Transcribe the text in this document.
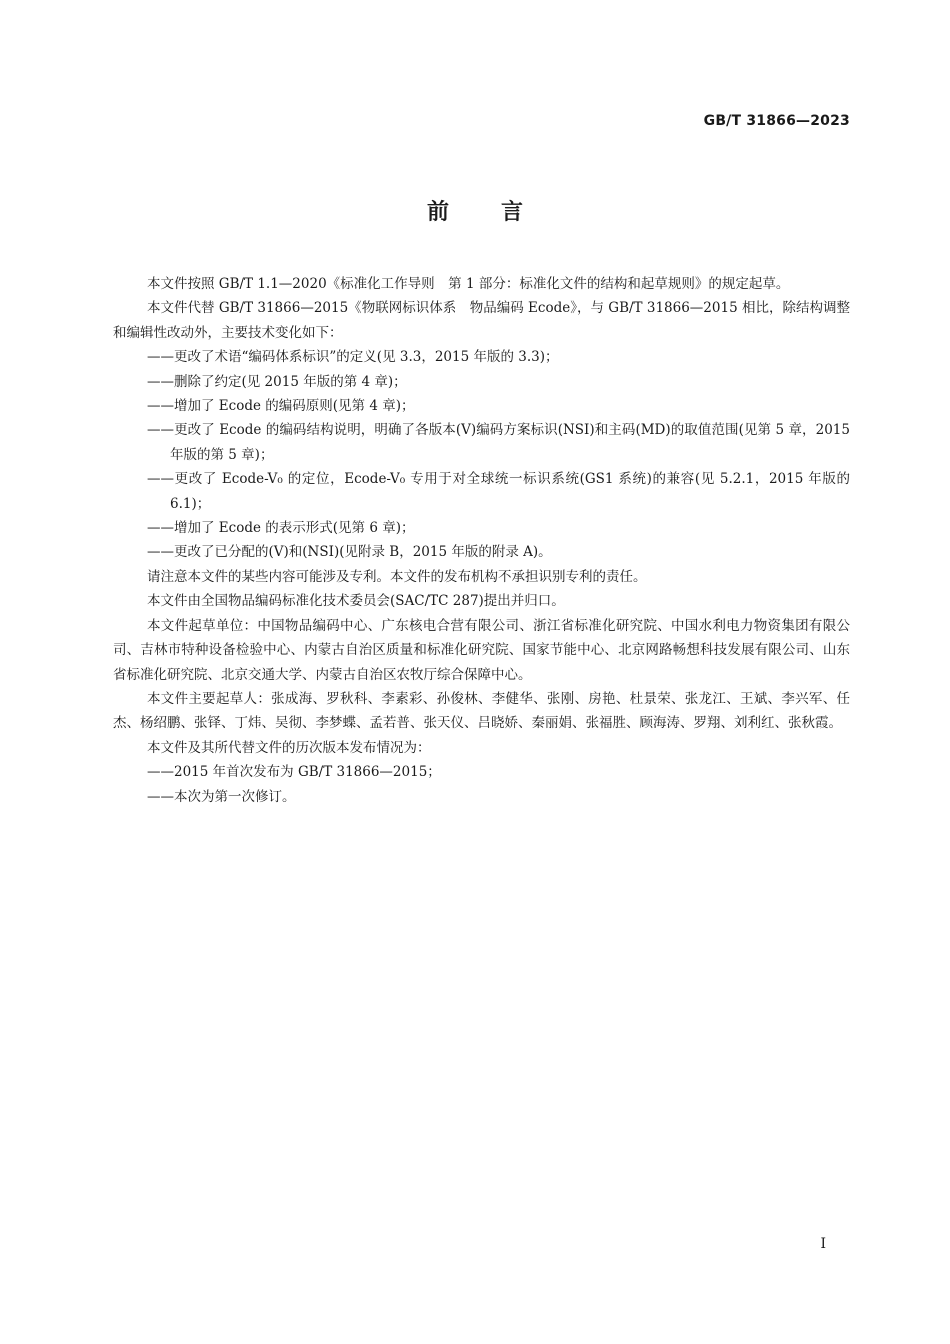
GB/T 31866—2023
前言

本文件按照 GB/T 1.1—2020《标准化工作导则　第 1 部分：标准化文件的结构和起草规则》的规定起草。

本文件代替 GB/T 31866—2015《物联网标识体系　物品编码 Ecode》，与 GB/T 31866—2015 相比，除结构调整和编辑性改动外，主要技术变化如下：

——更改了术语“编码体系标识”的定义(见 3.3，2015 年版的 3.3)；

——删除了约定(见 2015 年版的第 4 章)；

——增加了 Ecode 的编码原则(见第 4 章)；

——更改了 Ecode 的编码结构说明，明确了各版本(V)编码方案标识(NSI)和主码(MD)的取值范围(见第 5 章，2015 年版的第 5 章)；

——更改了 Ecode-V₀ 的定位，Ecode-V₀ 专用于对全球统一标识系统(GS1 系统)的兼容(见 5.2.1，2015 年版的 6.1)；

——增加了 Ecode 的表示形式(见第 6 章)；

——更改了已分配的(V)和(NSI)(见附录 B，2015 年版的附录 A)。

请注意本文件的某些内容可能涉及专利。本文件的发布机构不承担识别专利的责任。

本文件由全国物品编码标准化技术委员会(SAC/TC 287)提出并归口。

本文件起草单位：中国物品编码中心、广东核电合营有限公司、浙江省标准化研究院、中国水利电力物资集团有限公司、吉林市特种设备检验中心、内蒙古自治区质量和标准化研究院、国家节能中心、北京网路畅想科技发展有限公司、山东省标准化研究院、北京交通大学、内蒙古自治区农牧厅综合保障中心。

本文件主要起草人：张成海、罗秋科、李素彩、孙俊林、李健华、张刚、房艳、杜景荣、张龙江、王斌、李兴军、任杰、杨绍鹏、张铎、丁炜、吴彻、李梦蝶、孟若普、张天仪、吕晓娇、秦丽娟、张福胜、顾海涛、罗翔、刘利红、张秋霞。

本文件及其所代替文件的历次版本发布情况为：

——2015 年首次发布为 GB/T 31866—2015；

——本次为第一次修订。

I
